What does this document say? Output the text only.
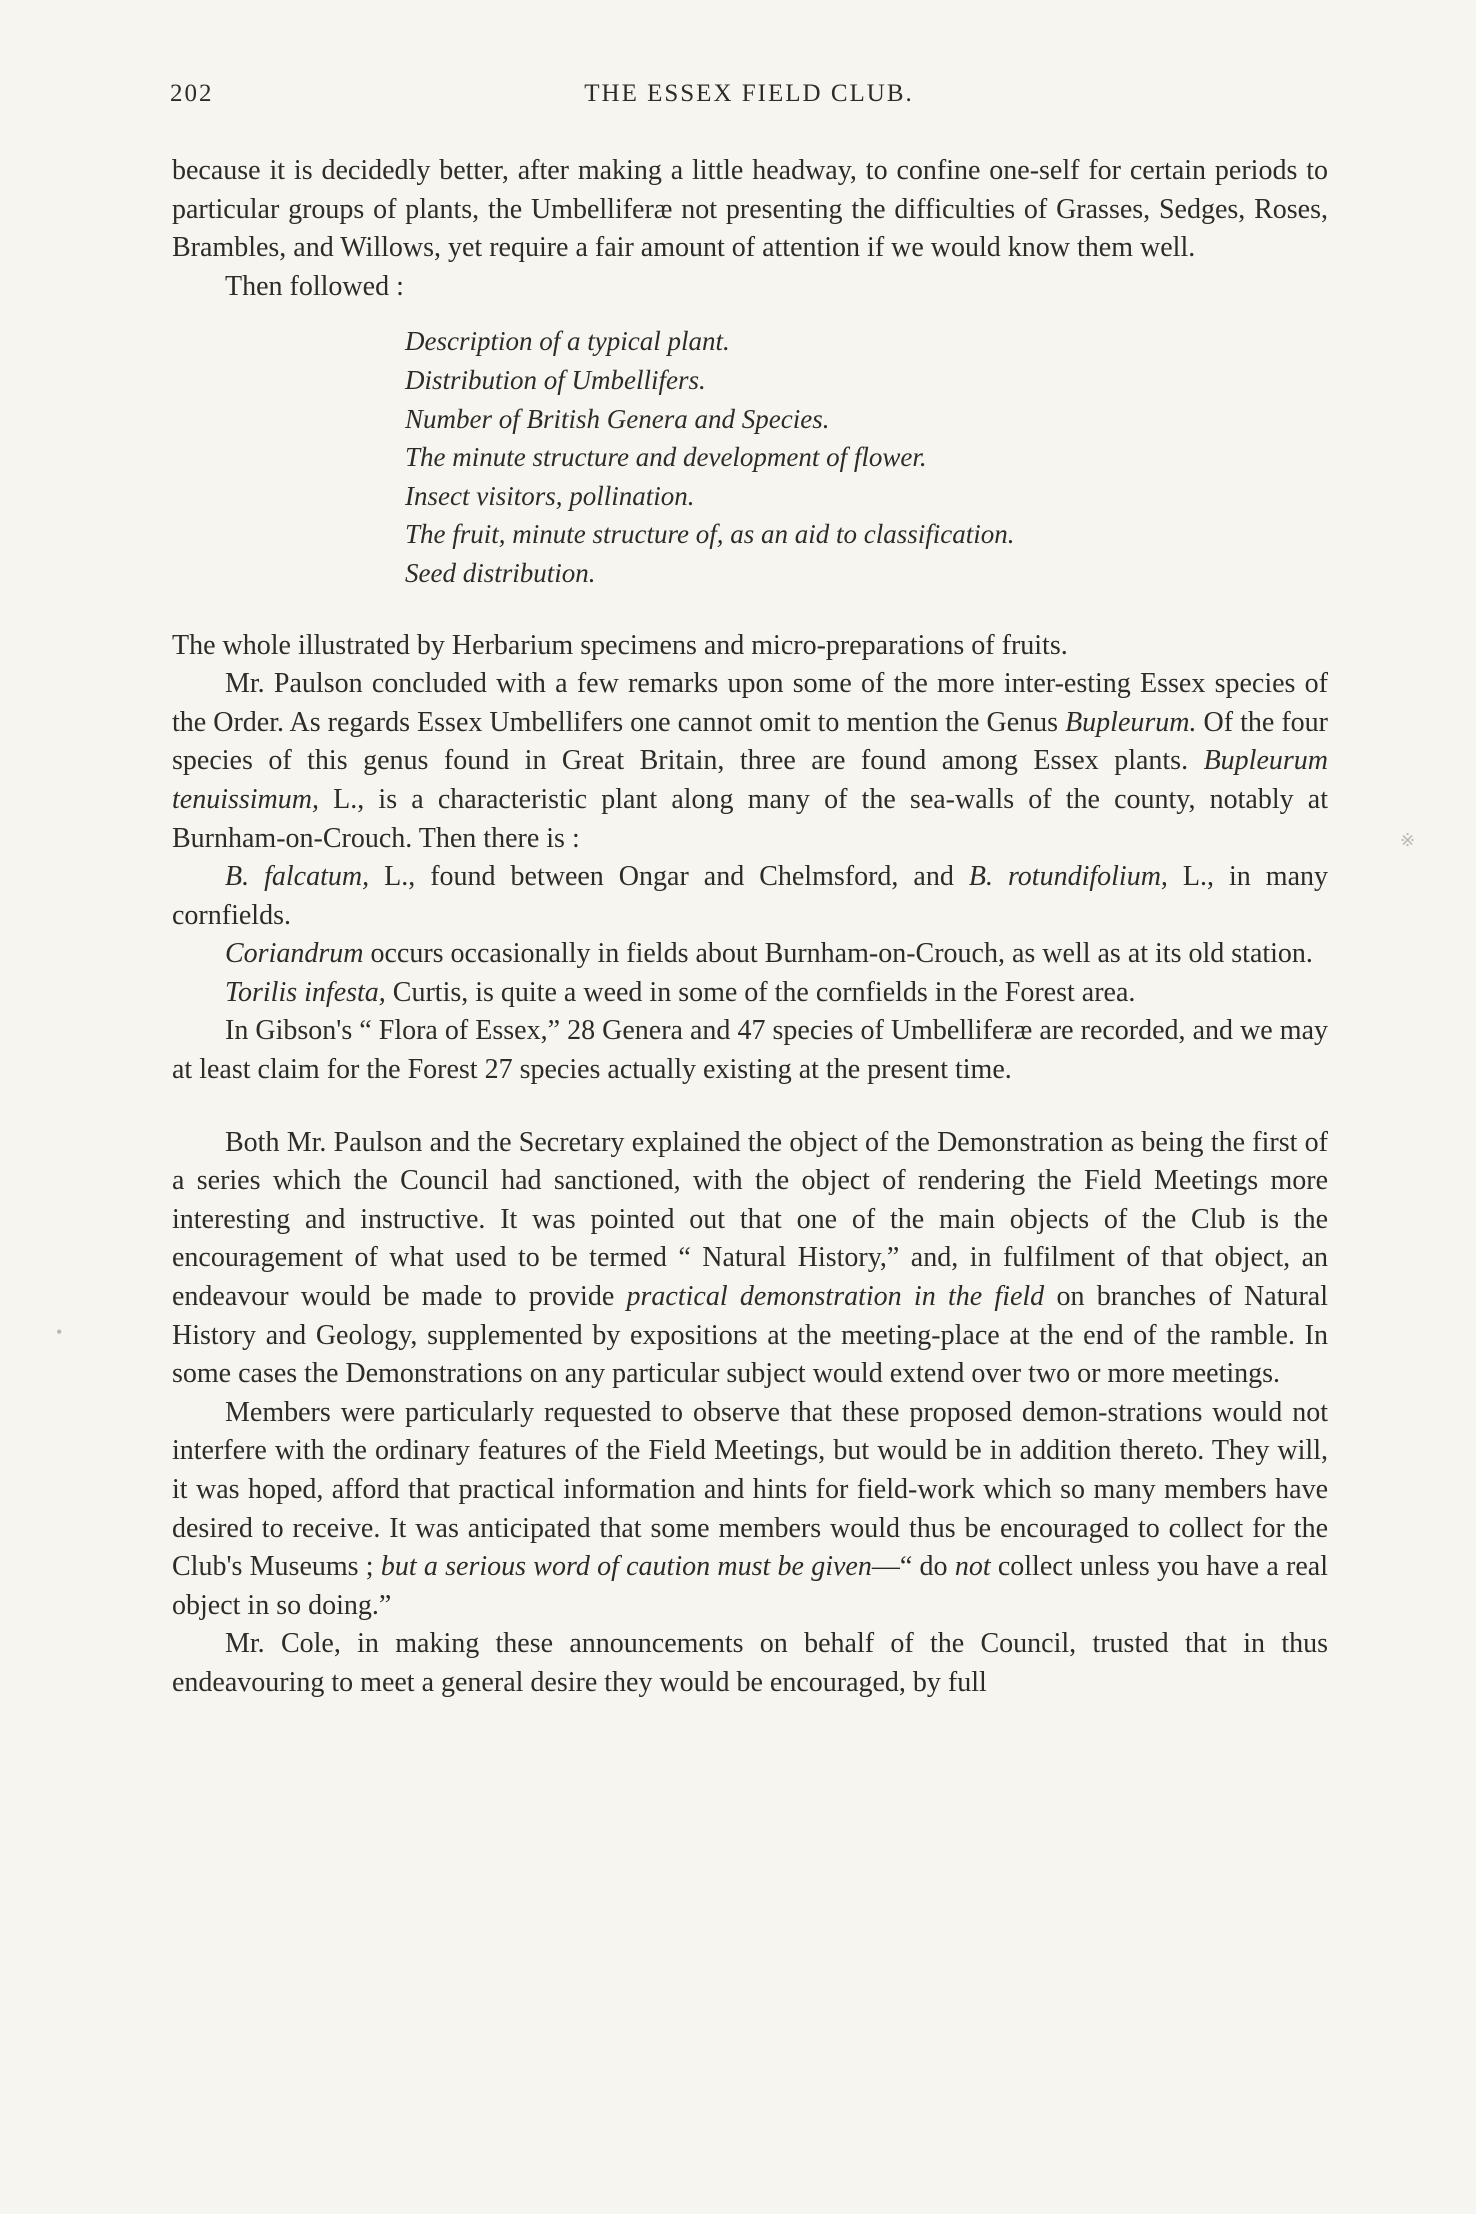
202	THE ESSEX FIELD CLUB.

because it is decidedly better, after making a little headway, to confine one-self for certain periods to particular groups of plants, the Umbelliferæ not presenting the difficulties of Grasses, Sedges, Roses, Brambles, and Willows, yet require a fair amount of attention if we would know them well.

Then followed :

Description of a typical plant.
Distribution of Umbellifers.
Number of British Genera and Species.
The minute structure and development of flower.
Insect visitors, pollination.
The fruit, minute structure of, as an aid to classification.
Seed distribution.

The whole illustrated by Herbarium specimens and micro-preparations of fruits.

Mr. Paulson concluded with a few remarks upon some of the more inter-esting Essex species of the Order. As regards Essex Umbellifers one cannot omit to mention the Genus Bupleurum. Of the four species of this genus found in Great Britain, three are found among Essex plants. Bupleurum tenuissimum, L., is a characteristic plant along many of the sea-walls of the county, notably at Burnham-on-Crouch. Then there is :

B. falcatum, L., found between Ongar and Chelmsford, and B. rotundifolium, L., in many cornfields.

Coriandrum occurs occasionally in fields about Burnham-on-Crouch, as well as at its old station.

Torilis infesta, Curtis, is quite a weed in some of the cornfields in the Forest area.

In Gibson's “ Flora of Essex,” 28 Genera and 47 species of Umbelliferæ are recorded, and we may at least claim for the Forest 27 species actually existing at the present time.

Both Mr. Paulson and the Secretary explained the object of the Demonstration as being the first of a series which the Council had sanctioned, with the object of rendering the Field Meetings more interesting and instructive. It was pointed out that one of the main objects of the Club is the encouragement of what used to be termed “ Natural History,” and, in fulfilment of that object, an endeavour would be made to provide practical demonstration in the field on branches of Natural History and Geology, supplemented by expositions at the meeting-place at the end of the ramble. In some cases the Demonstrations on any particular subject would extend over two or more meetings.

Members were particularly requested to observe that these proposed demon-strations would not interfere with the ordinary features of the Field Meetings, but would be in addition thereto. They will, it was hoped, afford that practical information and hints for field-work which so many members have desired to receive. It was anticipated that some members would thus be encouraged to collect for the Club's Museums ; but a serious word of caution must be given—“ do not collect unless you have a real object in so doing.”

Mr. Cole, in making these announcements on behalf of the Council, trusted that in thus endeavouring to meet a general desire they would be encouraged, by full

※
•
